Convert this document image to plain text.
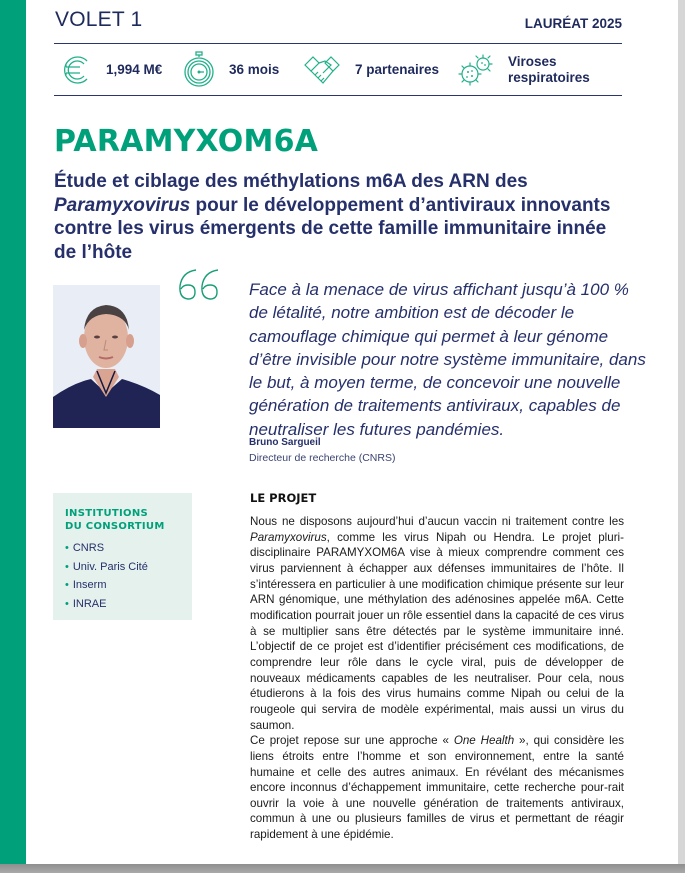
VOLET 1	LAURÉAT 2025
1,994 M€	36 mois	7 partenaires
Viroses
respiratoires
PARAMYXOM6A
Étude et ciblage des méthylations m6A des ARN des Paramyxovirus pour le développement d’antiviraux innovants contre les virus émergents de cette famille immunitaire innée de l’hôte
Face à la menace de virus affichant jusqu’à 100 % de létalité, notre ambition est de décoder le camouflage chimique qui permet à leur génome d’être invisible pour notre système immunitaire, dans le but, à moyen terme, de concevoir une nouvelle génération de traitements antiviraux, capables de neutraliser les futures pandémies.
Bruno Sargueil
Directeur de recherche (CNRS)
INSTITUTIONS
DU CONSORTIUM
• CNRS
• Univ. Paris Cité
• Inserm
• INRAE
LE PROJET

Nous ne disposons aujourd’hui d’aucun vaccin ni traitement contre les Paramyxovirus, comme les virus Nipah ou Hendra. Le projet pluri-disciplinaire PARAMYXOM6A vise à mieux comprendre comment ces virus parviennent à échapper aux défenses immunitaires de l’hôte. Il s’intéressera en particulier à une modification chimique présente sur leur ARN génomique, une méthylation des adénosines appelée m6A. Cette modification pourrait jouer un rôle essentiel dans la capacité de ces virus à se multiplier sans être détectés par le système immunitaire inné. L’objectif de ce projet est d’identifier précisément ces modifications, de comprendre leur rôle dans le cycle viral, puis de développer de nouveaux médicaments capables de les neutraliser. Pour cela, nous étudierons à la fois des virus humains comme Nipah ou celui de la rougeole qui servira de modèle expérimental, mais aussi un virus du saumon.

Ce projet repose sur une approche « One Health », qui considère les liens étroits entre l’homme et son environnement, entre la santé humaine et celle des autres animaux. En révélant des mécanismes encore inconnus d’échappement immunitaire, cette recherche pour-rait ouvrir la voie à une nouvelle génération de traitements antiviraux, commun à une ou plusieurs familles de virus et permettant de réagir rapidement à une épidémie.
